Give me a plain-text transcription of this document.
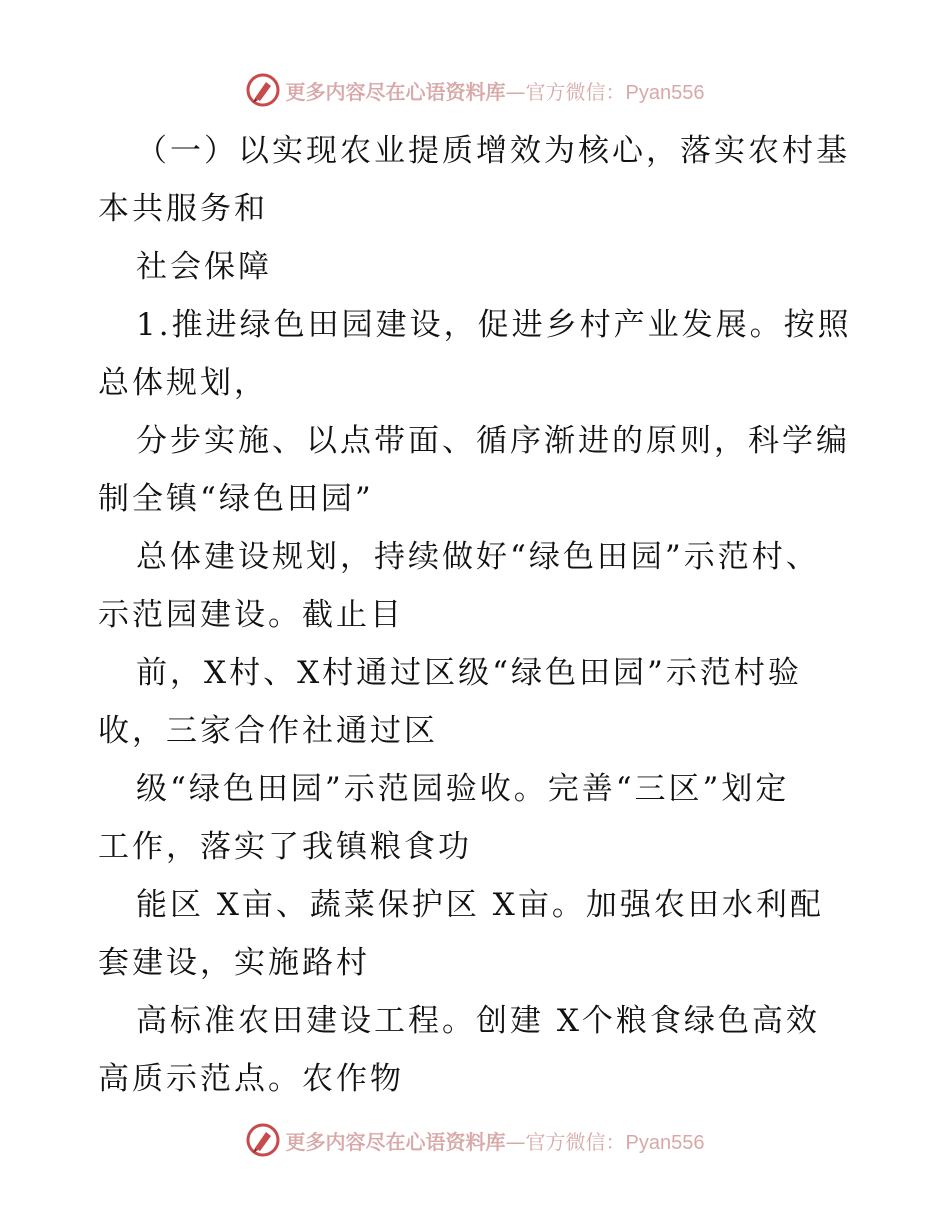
更多内容尽在心语资料库—官方微信：Pyan556
（一）以实现农业提质增效为核心，落实农村基
本共服务和
社会保障
1.推进绿色田园建设，促进乡村产业发展。按照
总体规划，
分步实施、以点带面、循序渐进的原则，科学编
制全镇“绿色田园”
总体建设规划，持续做好“绿色田园”示范村、
示范园建设。截止目
前，X村、X村通过区级“绿色田园”示范村验
收，三家合作社通过区
级“绿色田园”示范园验收。完善“三区”划定
工作，落实了我镇粮食功
能区 X亩、蔬菜保护区 X亩。加强农田水利配
套建设，实施路村
高标准农田建设工程。创建 X个粮食绿色高效
高质示范点。农作物
更多内容尽在心语资料库—官方微信：Pyan556
